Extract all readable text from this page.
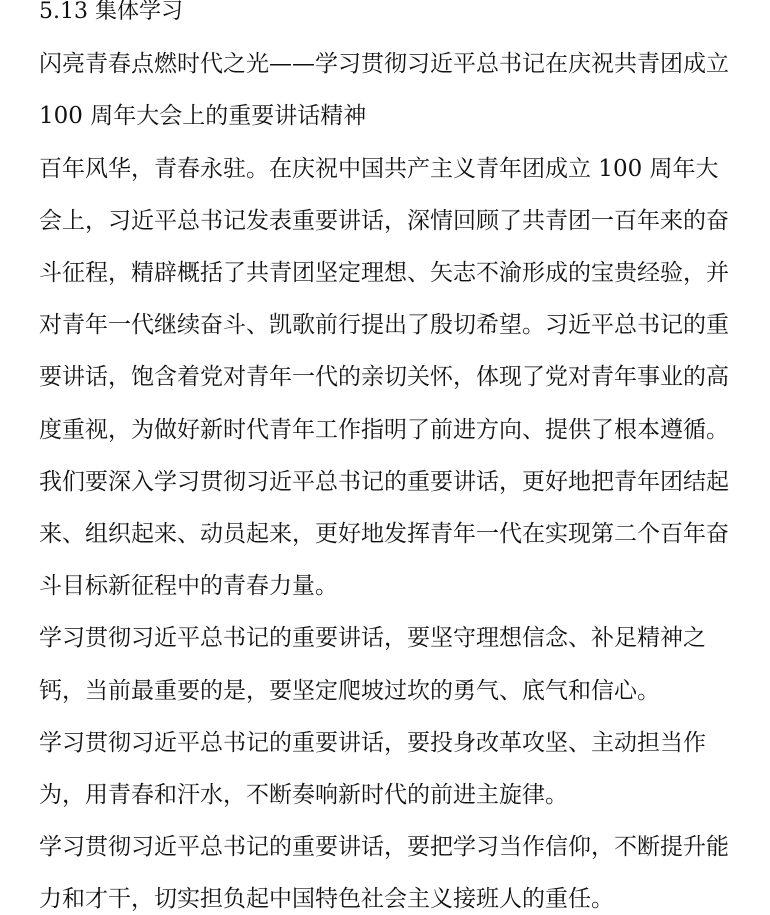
5.13 集体学习

闪亮青春点燃时代之光——学习贯彻习近平总书记在庆祝共青团成立 100 周年大会上的重要讲话精神

百年风华，青春永驻。在庆祝中国共产主义青年团成立 100 周年大会上，习近平总书记发表重要讲话，深情回顾了共青团一百年来的奋斗征程，精辟概括了共青团坚定理想、矢志不渝形成的宝贵经验，并对青年一代继续奋斗、凯歌前行提出了殷切希望。习近平总书记的重要讲话，饱含着党对青年一代的亲切关怀，体现了党对青年事业的高度重视，为做好新时代青年工作指明了前进方向、提供了根本遵循。我们要深入学习贯彻习近平总书记的重要讲话，更好地把青年团结起来、组织起来、动员起来，更好地发挥青年一代在实现第二个百年奋斗目标新征程中的青春力量。

学习贯彻习近平总书记的重要讲话，要坚守理想信念、补足精神之钙，当前最重要的是，要坚定爬坡过坎的勇气、底气和信心。

学习贯彻习近平总书记的重要讲话，要投身改革攻坚、主动担当作为，用青春和汗水，不断奏响新时代的前进主旋律。

学习贯彻习近平总书记的重要讲话，要把学习当作信仰，不断提升能力和才干，切实担负起中国特色社会主义接班人的重任。
